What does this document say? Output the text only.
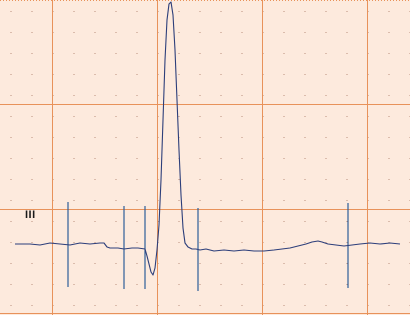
III
